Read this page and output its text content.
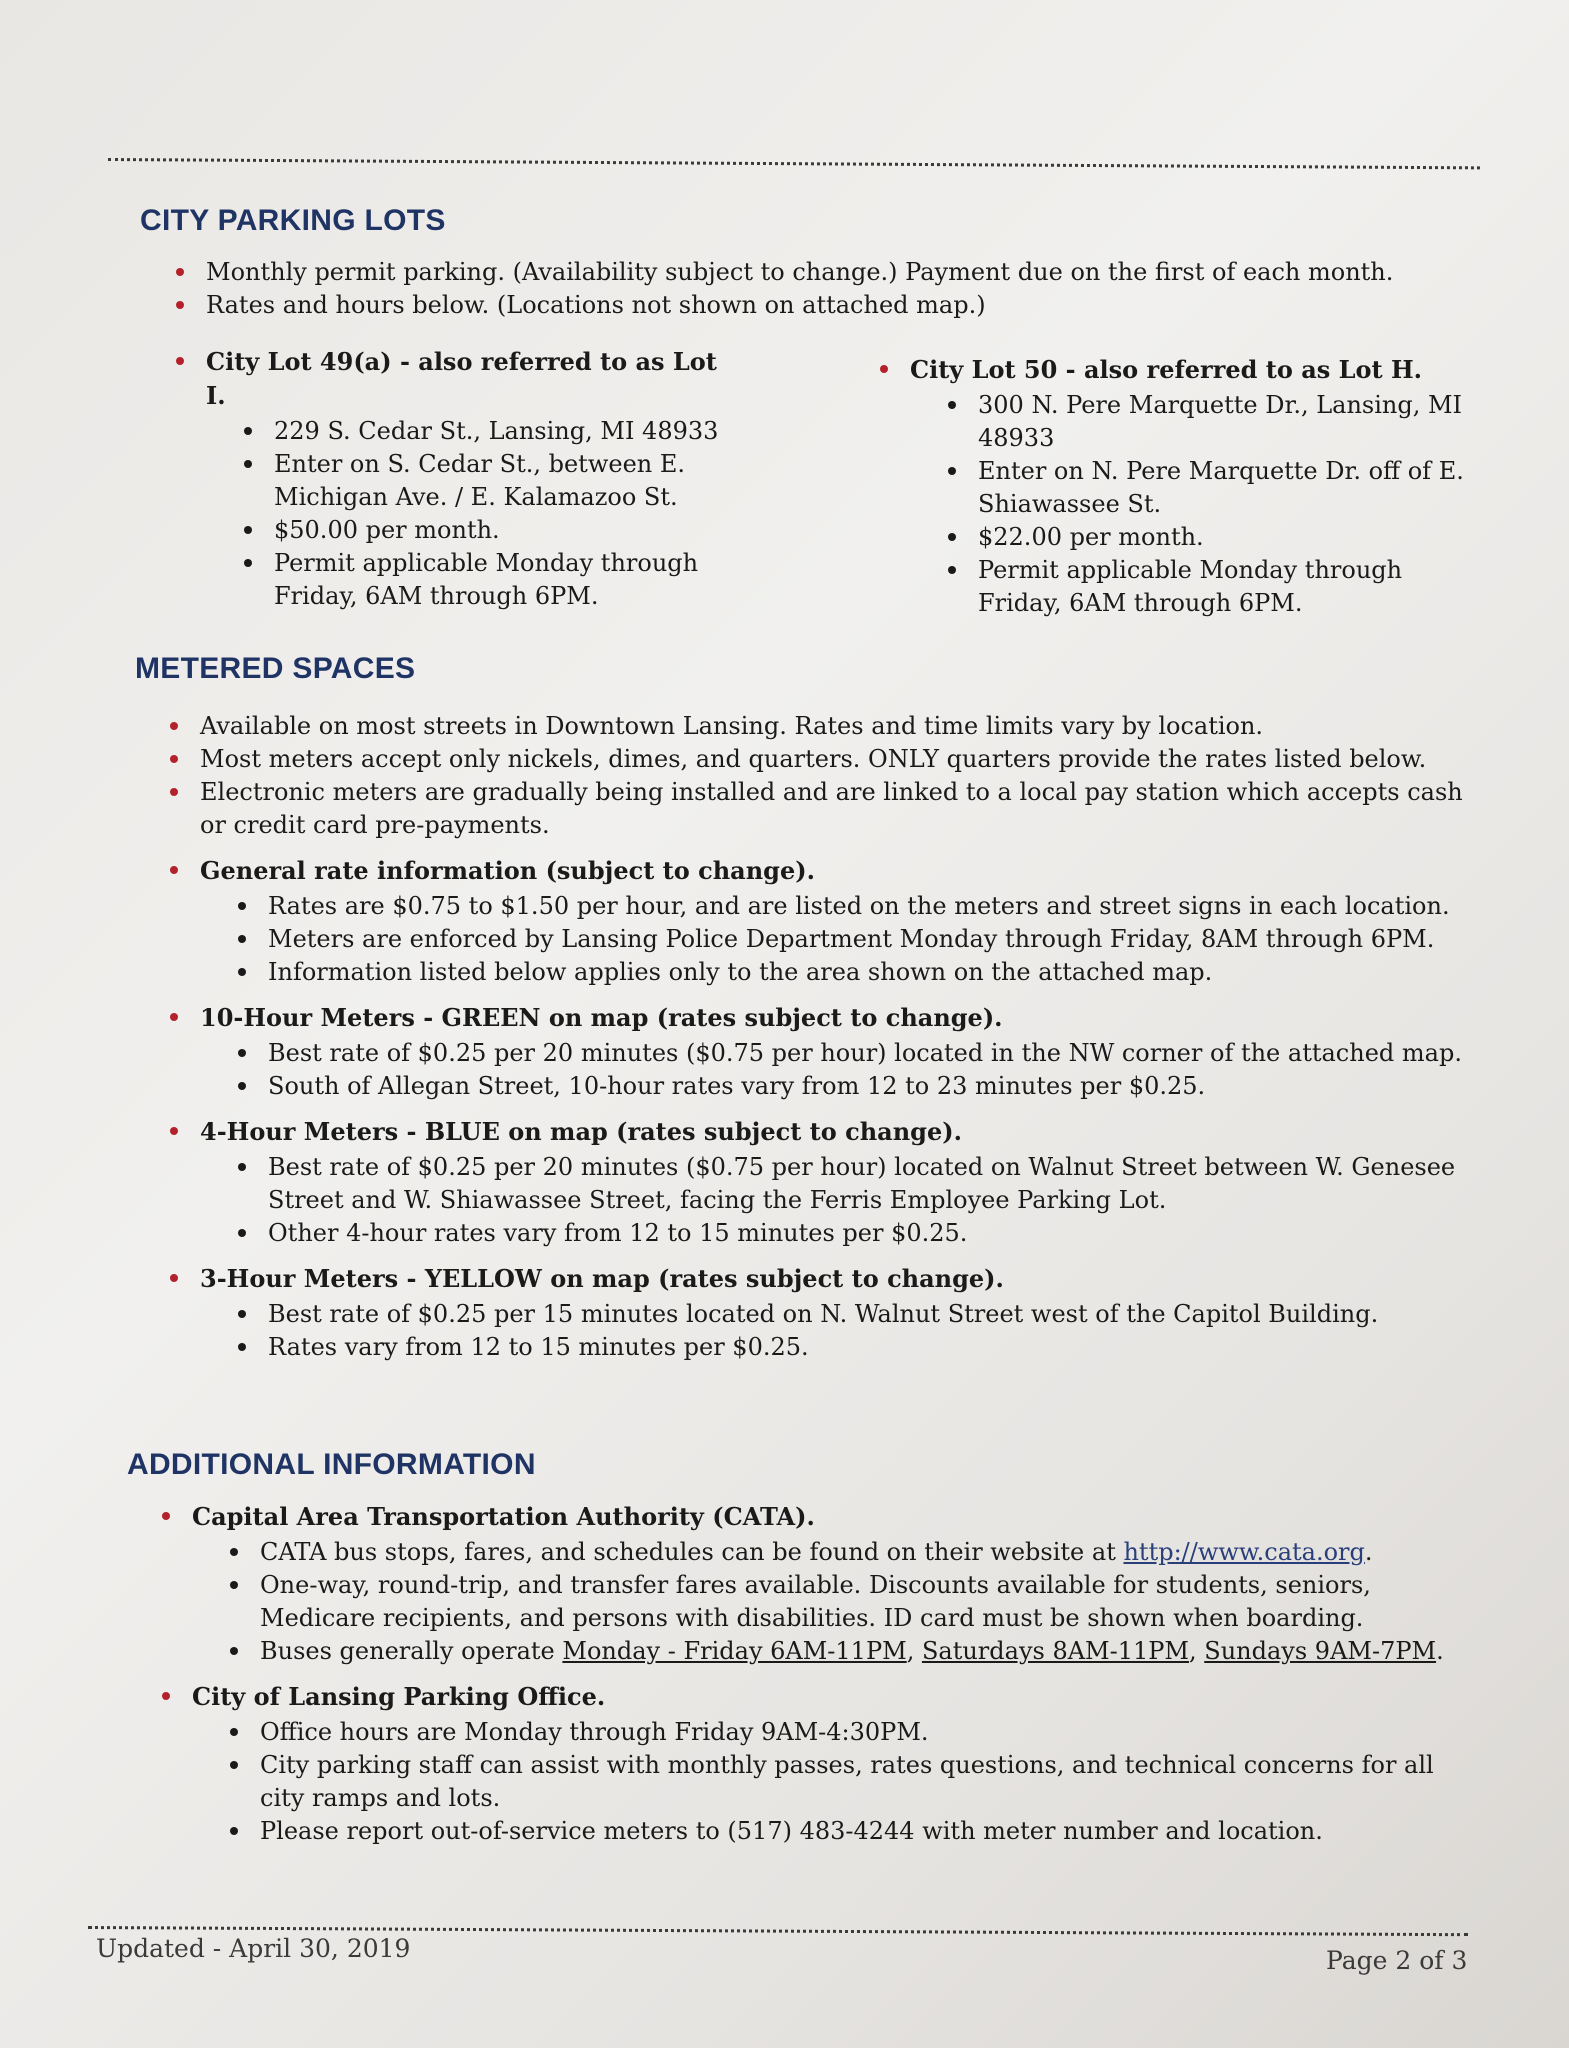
CITY PARKING LOTS
Monthly permit parking. (Availability subject to change.) Payment due on the first of each month.
Rates and hours below. (Locations not shown on attached map.)
City Lot 49(a) - also referred to as Lot I.
229 S. Cedar St., Lansing, MI 48933
Enter on S. Cedar St., between E. Michigan Ave. / E. Kalamazoo St.
$50.00 per month.
Permit applicable Monday through Friday, 6AM through 6PM.
City Lot 50 - also referred to as Lot H.
300 N. Pere Marquette Dr., Lansing, MI 48933
Enter on N. Pere Marquette Dr. off of E. Shiawassee St.
$22.00 per month.
Permit applicable Monday through Friday, 6AM through 6PM.
METERED SPACES
Available on most streets in Downtown Lansing. Rates and time limits vary by location.
Most meters accept only nickels, dimes, and quarters. ONLY quarters provide the rates listed below.
Electronic meters are gradually being installed and are linked to a local pay station which accepts cash or credit card pre-payments.
General rate information (subject to change).
Rates are $0.75 to $1.50 per hour, and are listed on the meters and street signs in each location.
Meters are enforced by Lansing Police Department Monday through Friday, 8AM through 6PM.
Information listed below applies only to the area shown on the attached map.
10-Hour Meters - GREEN on map (rates subject to change).
Best rate of $0.25 per 20 minutes ($0.75 per hour) located in the NW corner of the attached map.
South of Allegan Street, 10-hour rates vary from 12 to 23 minutes per $0.25.
4-Hour Meters - BLUE on map (rates subject to change).
Best rate of $0.25 per 20 minutes ($0.75 per hour) located on Walnut Street between W. Genesee Street and W. Shiawassee Street, facing the Ferris Employee Parking Lot.
Other 4-hour rates vary from 12 to 15 minutes per $0.25.
3-Hour Meters - YELLOW on map (rates subject to change).
Best rate of $0.25 per 15 minutes located on N. Walnut Street west of the Capitol Building.
Rates vary from 12 to 15 minutes per $0.25.
ADDITIONAL INFORMATION
Capital Area Transportation Authority (CATA).
CATA bus stops, fares, and schedules can be found on their website at http://www.cata.org.
One-way, round-trip, and transfer fares available. Discounts available for students, seniors, Medicare recipients, and persons with disabilities. ID card must be shown when boarding.
Buses generally operate Monday - Friday 6AM-11PM, Saturdays 8AM-11PM, Sundays 9AM-7PM.
City of Lansing Parking Office.
Office hours are Monday through Friday 9AM-4:30PM.
City parking staff can assist with monthly passes, rates questions, and technical concerns for all city ramps and lots.
Please report out-of-service meters to (517) 483-4244 with meter number and location.
Updated - April 30, 2019	Page 2 of 3
